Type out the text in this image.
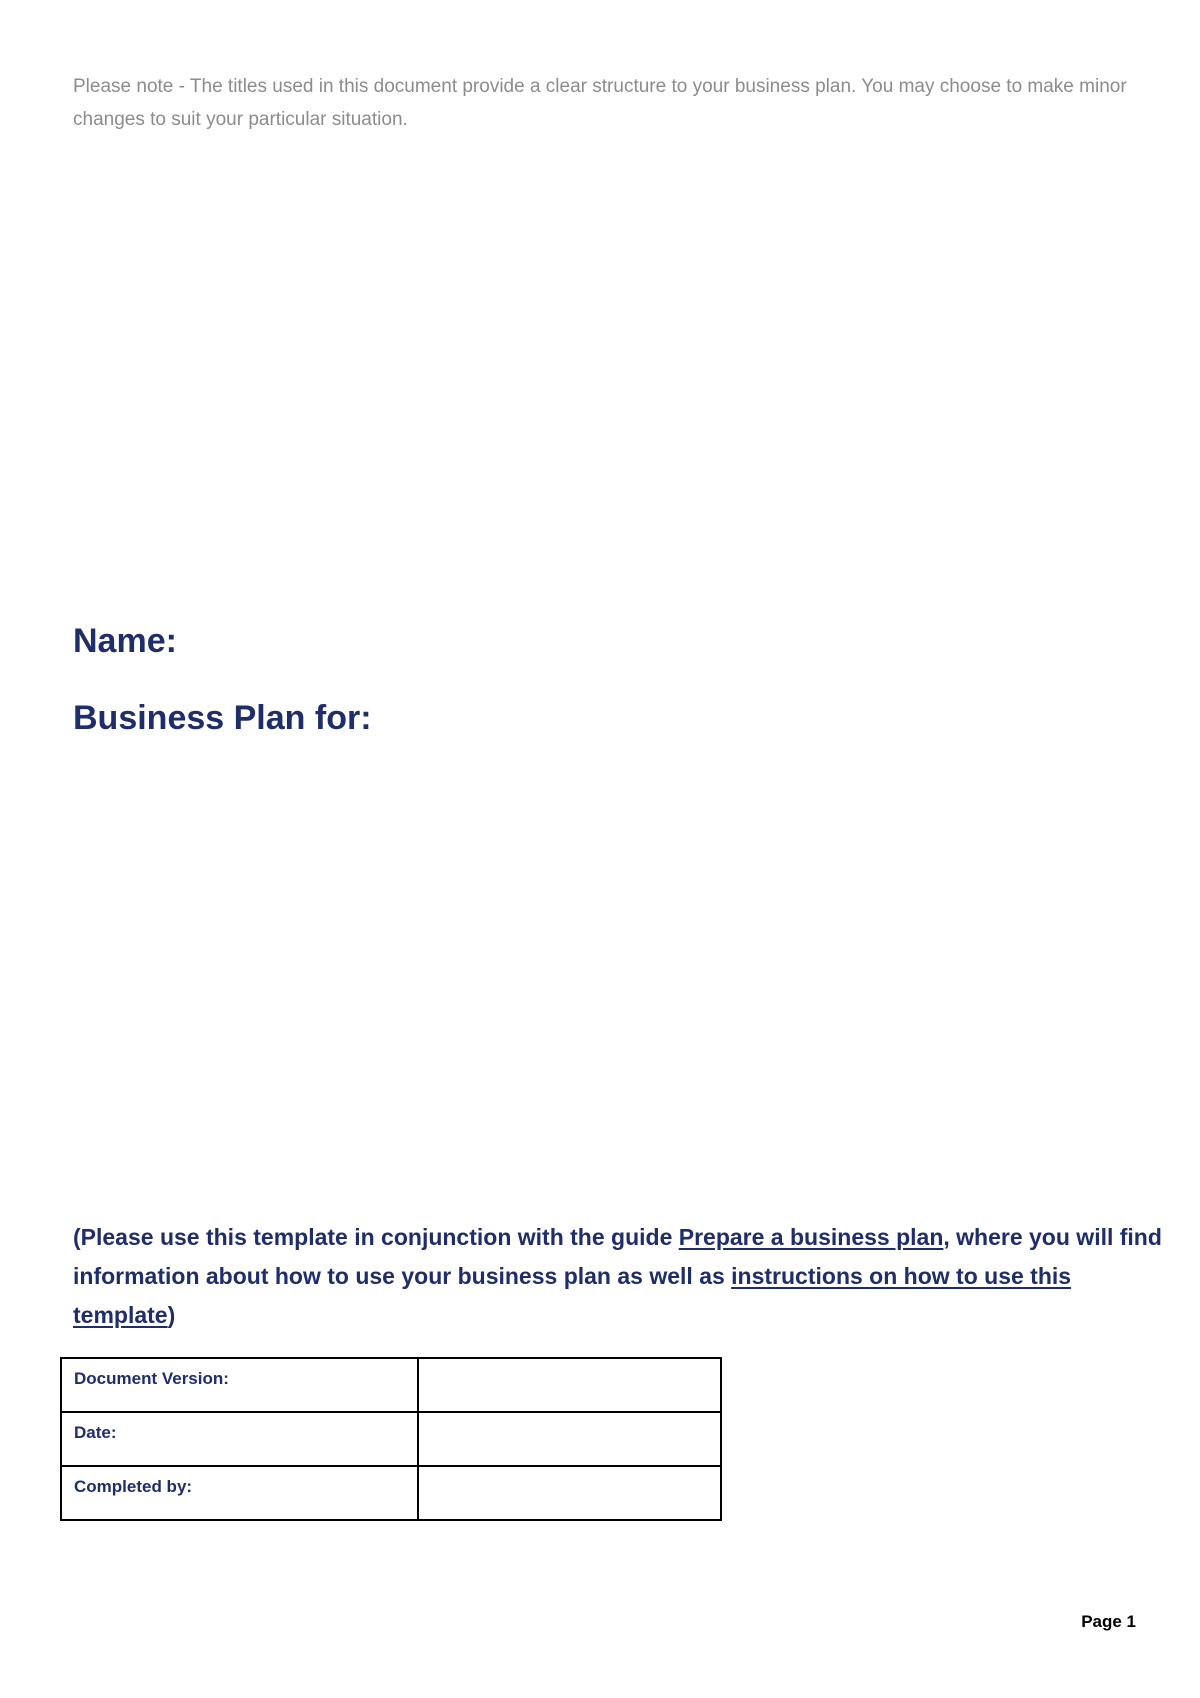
Please note - The titles used in this document provide a clear structure to your business plan. You may choose to make minor changes to suit your particular situation.
Name:
Business Plan for:
(Please use this template in conjunction with the guide Prepare a business plan, where you will find information about how to use your business plan as well as instructions on how to use this template)
Document Version:	
Date:	
Completed by:	
Page 1
